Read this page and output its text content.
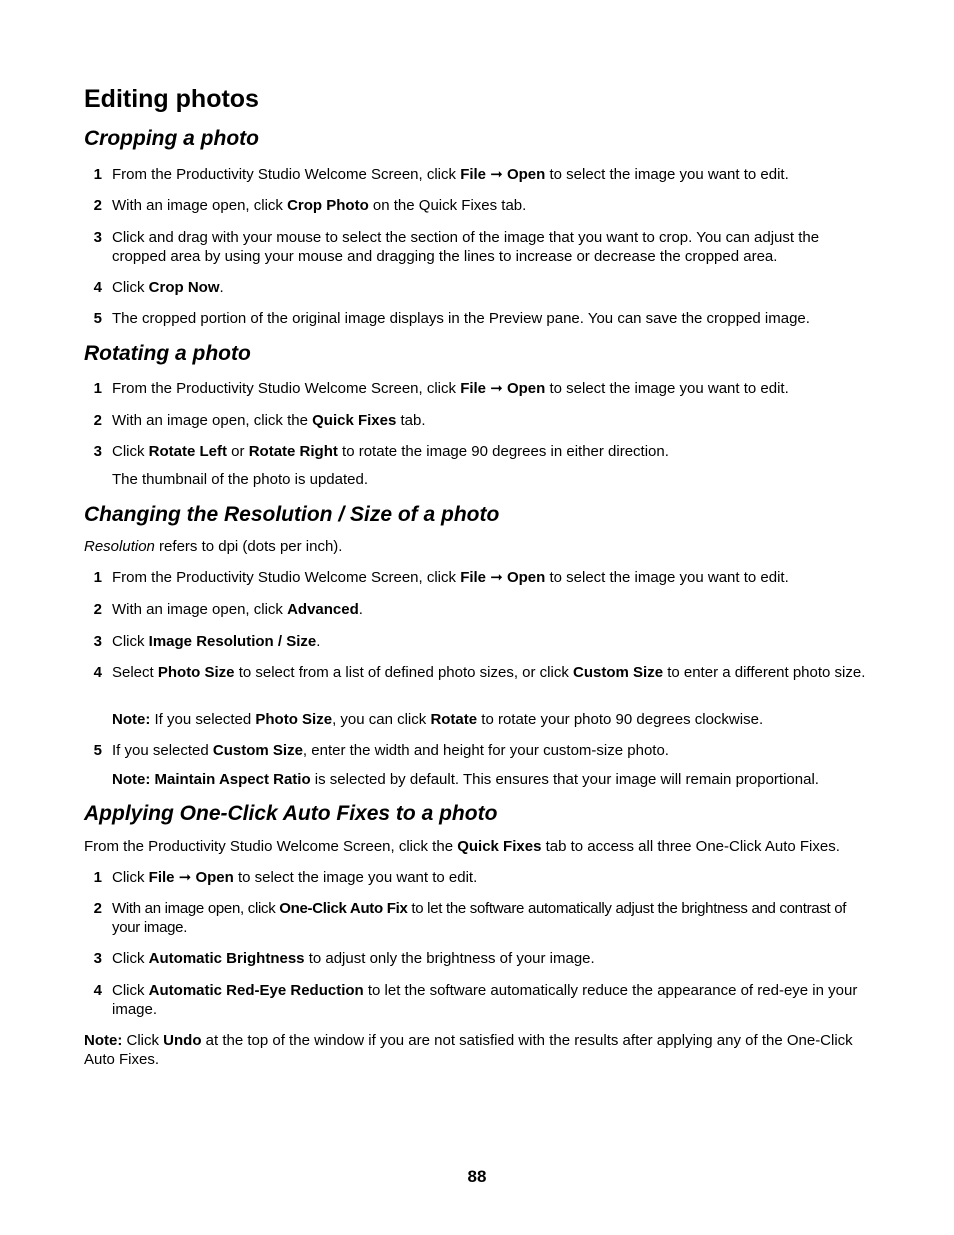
Editing photos
Cropping a photo
1 From the Productivity Studio Welcome Screen, click File ➞ Open to select the image you want to edit.
2 With an image open, click Crop Photo on the Quick Fixes tab.
3 Click and drag with your mouse to select the section of the image that you want to crop. You can adjust the cropped area by using your mouse and dragging the lines to increase or decrease the cropped area.
4 Click Crop Now.
5 The cropped portion of the original image displays in the Preview pane. You can save the cropped image.
Rotating a photo
1 From the Productivity Studio Welcome Screen, click File ➞ Open to select the image you want to edit.
2 With an image open, click the Quick Fixes tab.
3 Click Rotate Left or Rotate Right to rotate the image 90 degrees in either direction.
The thumbnail of the photo is updated.
Changing the Resolution / Size of a photo
Resolution refers to dpi (dots per inch).
1 From the Productivity Studio Welcome Screen, click File ➞ Open to select the image you want to edit.
2 With an image open, click Advanced.
3 Click Image Resolution / Size.
4 Select Photo Size to select from a list of defined photo sizes, or click Custom Size to enter a different photo size.
Note: If you selected Photo Size, you can click Rotate to rotate your photo 90 degrees clockwise.
5 If you selected Custom Size, enter the width and height for your custom-size photo.
Note: Maintain Aspect Ratio is selected by default. This ensures that your image will remain proportional.
Applying One-Click Auto Fixes to a photo
From the Productivity Studio Welcome Screen, click the Quick Fixes tab to access all three One-Click Auto Fixes.
1 Click File ➞ Open to select the image you want to edit.
2 With an image open, click One-Click Auto Fix to let the software automatically adjust the brightness and contrast of your image.
3 Click Automatic Brightness to adjust only the brightness of your image.
4 Click Automatic Red-Eye Reduction to let the software automatically reduce the appearance of red-eye in your image.
Note: Click Undo at the top of the window if you are not satisfied with the results after applying any of the One-Click Auto Fixes.
88
